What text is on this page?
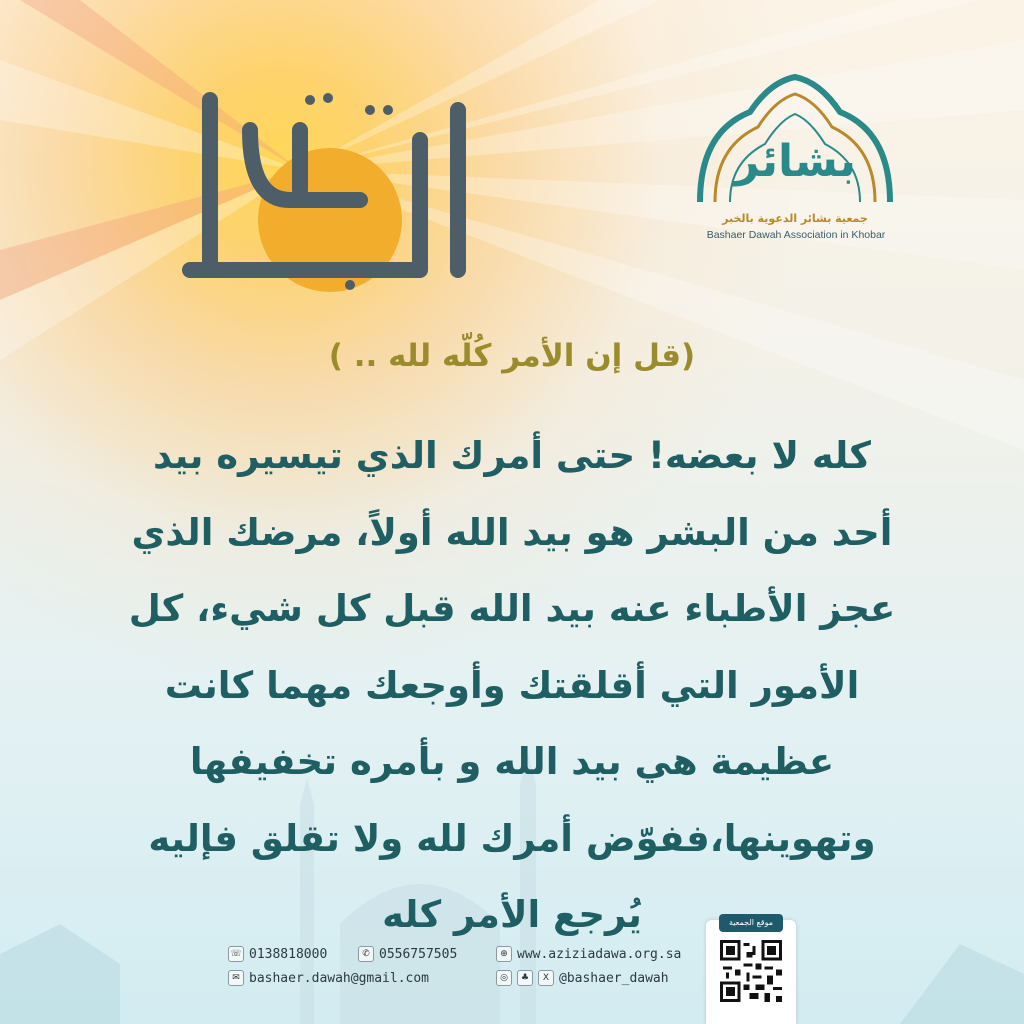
بشائر
جمعية بشائر الدعوية بالخبر
Bashaer Dawah Association in Khobar
(قل إن الأمر كُلّه لله .. )
كله لا بعضه! حتى أمرك الذي تيسيره بيد
أحد من البشر هو بيد الله أولاً، مرضك الذي
عجز الأطباء عنه بيد الله قبل كل شيء، كل
الأمور التي أقلقتك وأوجعك مهما كانت
عظيمة هي بيد الله و بأمره تخفيفها
وتهوينها،ففوّض أمرك لله ولا تقلق فإليه
يُرجع الأمر كله
☏ 0138818000	✆ 0556757505	⊕ www.aziziadawa.org.sa
✉ bashaer.dawah@gmail.com	◎	♣	X @bashaer_dawah
موقع الجمعية
